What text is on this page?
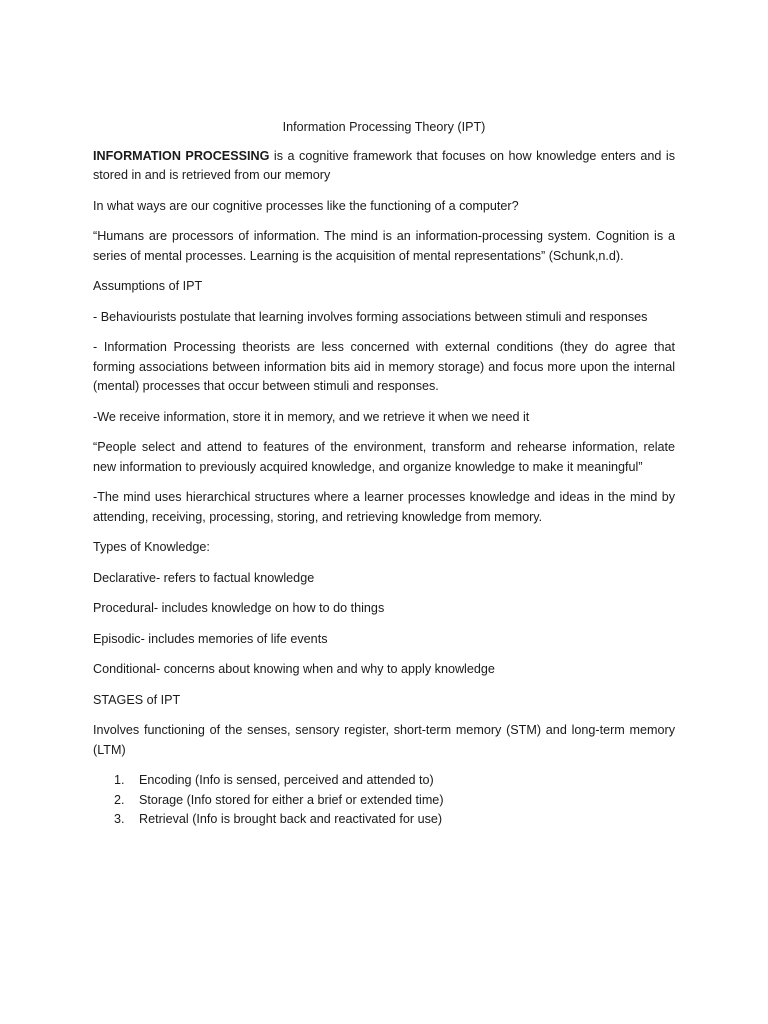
Information Processing Theory (IPT)

INFORMATION PROCESSING is a cognitive framework that focuses on how knowledge enters and is stored in and is retrieved from our memory

In what ways are our cognitive processes like the functioning of a computer?

“Humans are processors of information. The mind is an information-processing system. Cognition is a series of mental processes. Learning is the acquisition of mental representations” (Schunk,n.d).

Assumptions of IPT

- Behaviourists postulate that learning involves forming associations between stimuli and responses

- Information Processing theorists are less concerned with external conditions (they do agree that forming associations between information bits aid in memory storage) and focus more upon the internal (mental) processes that occur between stimuli and responses.

-We receive information, store it in memory, and we retrieve it when we need it

“People select and attend to features of the environment, transform and rehearse information, relate new information to previously acquired knowledge, and organize knowledge to make it meaningful”

-The mind uses hierarchical structures where a learner processes knowledge and ideas in the mind by attending, receiving, processing, storing, and retrieving knowledge from memory.

Types of Knowledge:

Declarative- refers to factual knowledge

Procedural- includes knowledge on how to do things

Episodic- includes memories of life events

Conditional- concerns about knowing when and why to apply knowledge

STAGES of IPT

Involves functioning of the senses, sensory register, short-term memory (STM) and long-term memory (LTM)

1. Encoding (Info is sensed, perceived and attended to)
2. Storage (Info stored for either a brief or extended time)
3. Retrieval (Info is brought back and reactivated for use)
